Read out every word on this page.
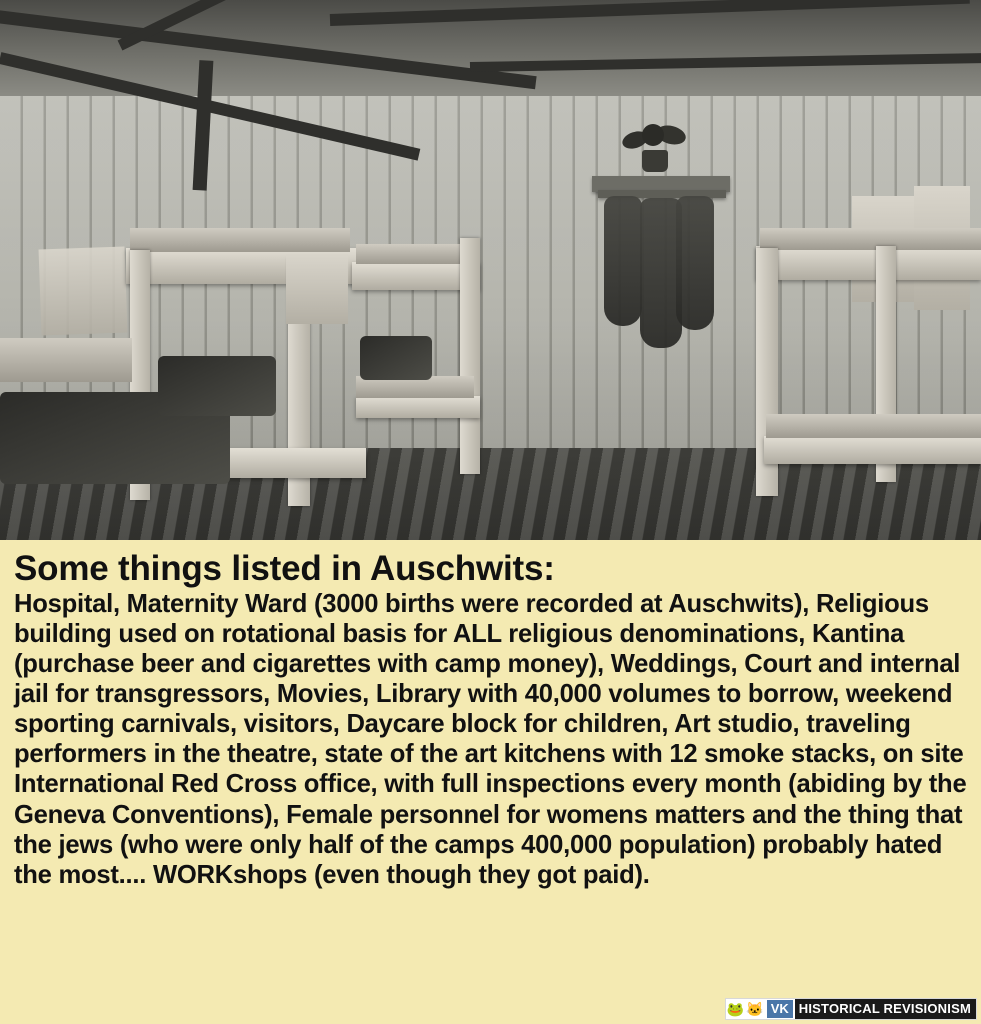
Some things listed in Auschwits:

Hospital, Maternity Ward (3000 births were recorded at Auschwits), Religious building used on rotational basis for ALL religious denominations, Kantina (purchase beer and cigarettes with camp money), Weddings, Court and internal jail for transgressors, Movies, Library with 40,000 volumes to borrow, weekend sporting carnivals, visitors, Daycare block for children, Art studio, traveling performers in the theatre, state of the art kitchens with 12 smoke stacks, on site International Red Cross office, with full inspections every month (abiding by the Geneva Conventions), Female personnel for womens matters and the thing that the jews (who were only half of the camps 400,000 population) probably hated the most.... WORKshops (even though they got paid).

🐸 🐱 VK HISTORICAL REVISIONISM
